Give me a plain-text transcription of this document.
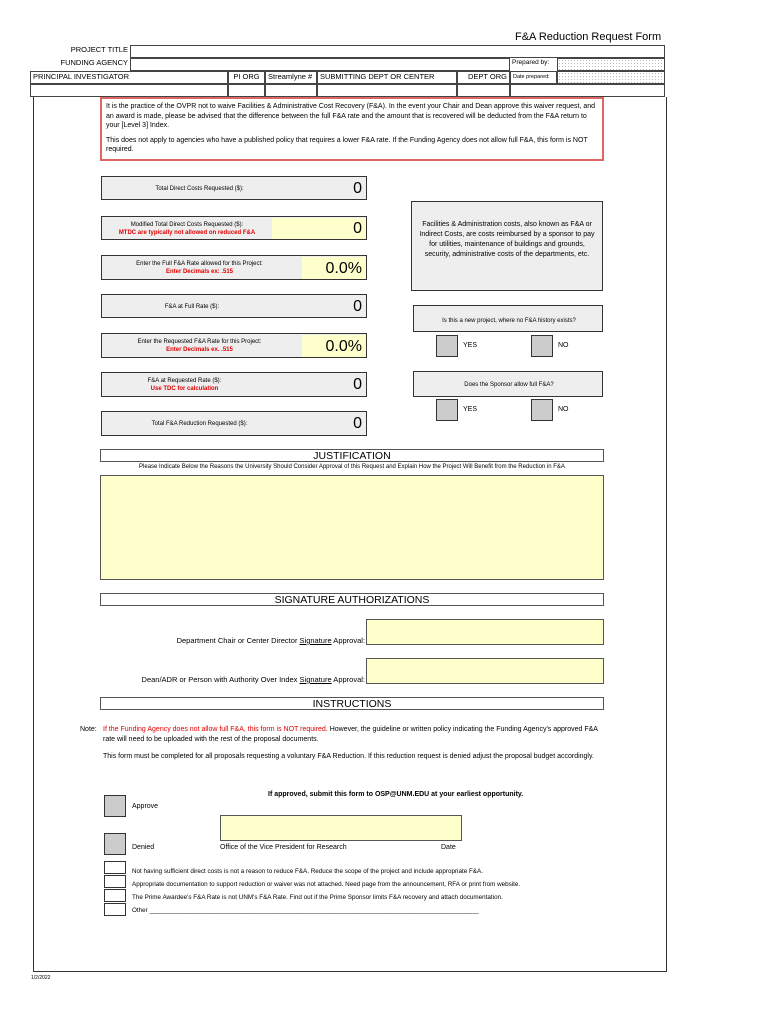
F&A Reduction Request Form
PROJECT TITLE
FUNDING AGENCY	Prepared by:
PRINCIPAL INVESTIGATOR	PI ORG	Streamlyne #	SUBMITTING DEPT OR CENTER	DEPT ORG	Date prepared:

It is the practice of the OVPR not to waive Facilities & Administrative Cost Recovery (F&A). In the event your Chair and Dean approve this waiver request, and an award is made, please be advised that the difference between the full F&A rate and the amount that is recovered will be deducted from the F&A return to your [Level 3] Index.

This does not apply to agencies who have a published policy that requires a lower F&A rate. If the Funding Agency does not allow full F&A, this form is NOT required.

Total Direct Costs Requested ($):	0
Modified Total Direct Costs Requested ($):
MTDC are typically not allowed on reduced F&A	0
Enter the Full F&A Rate allowed for this Project:
Enter Decimals ex: .515	0.0%
F&A at Full Rate ($):	0
Enter the Requested F&A Rate for this Project:
Enter Decimals ex. .515	0.0%
F&A at Requested Rate ($):
Use TDC for calculation	0
Total F&A Reduction Requested ($):	0
Facilities & Administration costs, also known as F&A or Indirect Costs, are costs reimbursed by a sponsor to pay for utilities, maintenance of buildings and grounds, security, administrative costs of the departments, etc.
Is this a new project, where no F&A history exists?
YES	NO
Does the Sponsor allow full F&A?
YES	NO
JUSTIFICATION
Please Indicate Below the Reasons the University Should Consider Approval of this Request and Explain How the Project Will Benefit from the Reduction in F&A
SIGNATURE AUTHORIZATIONS
Department Chair or Center Director Signature Approval:
Dean/ADR or Person with Authority Over Index Signature Approval:
INSTRUCTIONS
Note: If the Funding Agency does not allow full F&A, this form is NOT required. However, the guideline or written policy indicating the Funding Agency's approved F&A rate will need to be uploaded with the rest of the proposal documents.
This form must be completed for all proposals requesting a voluntary F&A Reduction. If this reduction request is denied adjust the proposal budget accordingly.
If approved, submit this form to OSP@UNM.EDU at your earliest opportunity.
Approve
Denied	Office of the Vice President for Research	Date
Not having sufficient direct costs is not a reason to reduce F&A. Reduce the scope of the project and include appropriate F&A.
Appropriate documentation to support reduction or waiver was not attached. Need page from the announcement, RFA or print from website.
The Prime Awardee's F&A Rate is not UNM's F&A Rate. Find out if the Prime Sponsor limits F&A recovery and attach documentation.
Other ______________________________________________________________________________________________
1/2/2022
